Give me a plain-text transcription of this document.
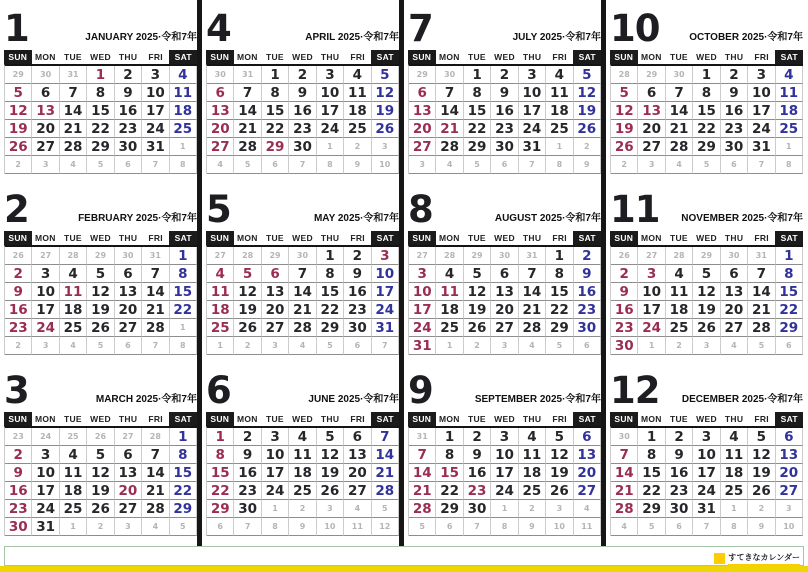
1	JANUARY 2025·令和7年
SUN MON TUE WED THU	FRI	SAT
29	30	31	1	2	3	4
5	6	7	8	9 10 11
12 13 14 15 16 17 18
19 20 21 22 23 24 25
26 27 28 29 30 31	1
2	3	4	5	6	7	8
2	FEBRUARY 2025·令和7年
SUN MON TUE WED THU	FRI	SAT
26	27	28	29	30	31	1
2	3	4	5	6	7	8
9 10 11 12 13 14 15
16 17 18 19 20 21 22
23 24 25 26 27 28	1
2	3	4	5	6	7	8
3	MARCH 2025·令和7年
SUN MON TUE WED THU	FRI	SAT
23	24	25	26	27	28	1
2	3	4	5	6	7	8
9 10 11 12 13 14 15
16 17 18 19 20 21 22
23 24 25 26 27 28 29
30 31	1	2	3	4	5
4	APRIL 2025·令和7年
SUN MON TUE WED THU	FRI	SAT
30	31	1	2	3	4	5
6	7	8	9 10 11 12
13 14 15 16 17 18 19
20 21 22 23 24 25 26
27 28 29 30	1	2	3
4	5	6	7	8	9	10
5	MAY 2025·令和7年
SUN MON TUE WED THU	FRI	SAT
27	28	29	30	1	2	3
4	5	6	7	8	9 10
11 12 13 14 15 16 17
18 19 20 21 22 23 24
25 26 27 28 29 30 31
1	2	3	4	5	6	7
6	JUNE 2025·令和7年
SUN MON TUE WED THU	FRI	SAT
1	2	3	4	5	6	7
8	9 10 11 12 13 14
15 16 17 18 19 20 21
22 23 24 25 26 27 28
29 30	1	2	3	4	5
6	7	8	9	10	11	12
7	JULY 2025·令和7年
SUN MON TUE WED THU	FRI	SAT
29	30	1	2	3	4	5
6	7	8	9 10 11 12
13 14 15 16 17 18 19
20 21 22 23 24 25 26
27 28 29 30 31	1	2
3	4	5	6	7	8	9
8	AUGUST 2025·令和7年
SUN MON TUE WED THU	FRI	SAT
27	28	29	30	31	1	2
3	4	5	6	7	8	9
10 11 12 13 14 15 16
17 18 19 20 21 22 23
24 25 26 27 28 29 30
31	1	2	3	4	5	6
9	SEPTEMBER 2025·令和7年
SUN MON TUE WED THU	FRI	SAT
31	1	2	3	4	5	6
7	8	9 10 11 12 13
14 15 16 17 18 19 20
21 22 23 24 25 26 27
28 29 30	1	2	3	4
5	6	7	8	9	10	11
10	OCTOBER 2025·令和7年
SUN MON TUE WED THU	FRI	SAT
28	29	30	1	2	3	4
5	6	7	8	9 10 11
12 13 14 15 16 17 18
19 20 21 22 23 24 25
26 27 28 29 30 31	1
2	3	4	5	6	7	8
11 NOVEMBER 2025·令和7年
SUN MON TUE WED THU	FRI	SAT
26	27	28	29	30	31	1
2	3	4	5	6	7	8
9 10 11 12 13 14 15
16 17 18 19 20 21 22
23 24 25 26 27 28 29
30	1	2	3	4	5	6
12 DECEMBER 2025·令和7年
SUN MON TUE WED THU	FRI	SAT
30	1	2	3	4	5	6
7	8	9 10 11 12 13
14 15 16 17 18 19 20
21 22 23 24 25 26 27
28 29 30 31	1	2	3
4	5	6	7	8	9	10
すてきなカレンダー
